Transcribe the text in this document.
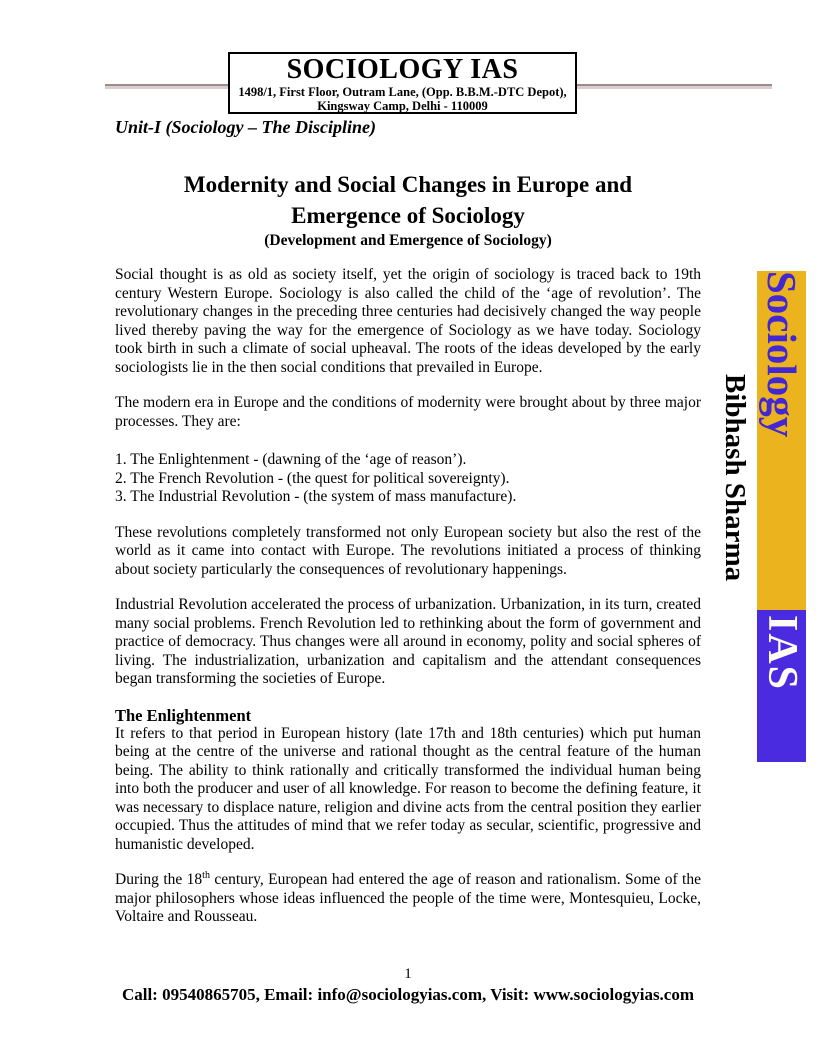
SOCIOLOGY IAS
1498/1, First Floor, Outram Lane, (Opp. B.B.M.-DTC Depot),
Kingsway Camp, Delhi - 110009
Unit-I (Sociology – The Discipline)
Modernity and Social Changes in Europe and
Emergence of Sociology
(Development and Emergence of Sociology)

Social thought is as old as society itself, yet the origin of sociology is traced back to 19th century Western Europe. Sociology is also called the child of the ‘age of revolution’. The revolutionary changes in the preceding three centuries had decisively changed the way people lived thereby paving the way for the emergence of Sociology as we have today. Sociology took birth in such a climate of social upheaval. The roots of the ideas developed by the early sociologists lie in the then social conditions that prevailed in Europe.

The modern era in Europe and the conditions of modernity were brought about by three major processes. They are:

1. The Enlightenment - (dawning of the ‘age of reason’).

2. The French Revolution - (the quest for political sovereignty).

3. The Industrial Revolution - (the system of mass manufacture).

These revolutions completely transformed not only European society but also the rest of the world as it came into contact with Europe. The revolutions initiated a process of thinking about society particularly the consequences of revolutionary happenings.

Industrial Revolution accelerated the process of urbanization. Urbanization, in its turn, created many social problems. French Revolution led to rethinking about the form of government and practice of democracy. Thus changes were all around in economy, polity and social spheres of living. The industrialization, urbanization and capitalism and the attendant consequences began transforming the societies of Europe.

The Enlightenment

It refers to that period in European history (late 17th and 18th centuries) which put human being at the centre of the universe and rational thought as the central feature of the human being. The ability to think rationally and critically transformed the individual human being into both the producer and user of all knowledge. For reason to become the defining feature, it was necessary to displace nature, religion and divine acts from the central position they earlier occupied. Thus the attitudes of mind that we refer today as secular, scientific, progressive and humanistic developed.

During the 18th century, European had entered the age of reason and rationalism. Some of the major philosophers whose ideas influenced the people of the time were, Montesquieu, Locke, Voltaire and Rousseau.

Bibhash Sharma
Sociology
IAS
1
Call: 09540865705, Email: info@sociologyias.com, Visit: www.sociologyias.com
